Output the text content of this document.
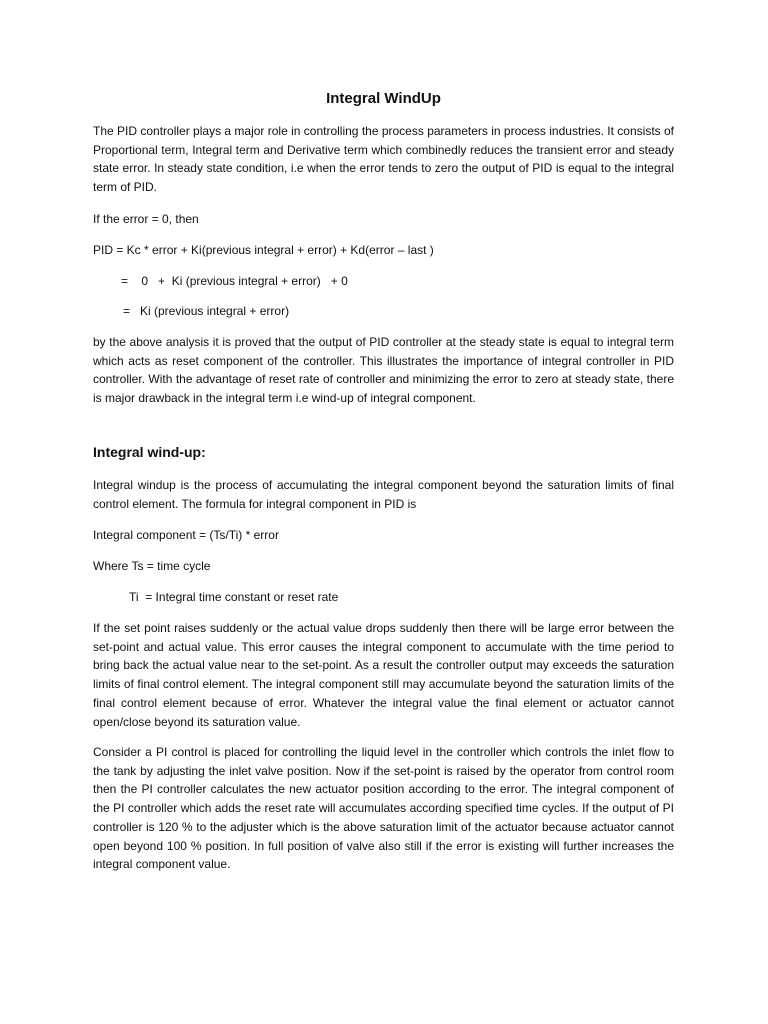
Integral WindUp

The PID controller plays a major role in controlling the process parameters in process industries. It consists of Proportional term, Integral term and Derivative term which combinedly reduces the transient error and steady state error. In steady state condition, i.e when the error tends to zero the output of PID is equal to the integral term of PID.

If the error = 0, then

PID = Kc * error + Ki(previous integral + error) + Kd(error – last )

=    0   +  Ki (previous integral + error)   + 0

=   Ki (previous integral + error)

by the above analysis it is proved that the output of PID controller at the steady state is equal to integral term which acts as reset component of the controller. This illustrates the importance of integral controller in PID controller. With the advantage of reset rate of controller and minimizing the error to zero at steady state, there is major drawback in the integral term i.e wind-up of integral component.

Integral wind-up:

Integral windup is the process of accumulating the integral component beyond the saturation limits of final control element. The formula for integral component in PID is

Integral component = (Ts/Ti) * error

Where Ts = time cycle

Ti  = Integral time constant or reset rate

If the set point raises suddenly or the actual value drops suddenly then there will be large error between the set-point and actual value. This error causes the integral component to accumulate with the time period to bring back the actual value near to the set-point. As a result the controller output may exceeds the saturation limits of final control element. The integral component still may accumulate beyond the saturation limits of the final control element because of error. Whatever the integral value the final element or actuator cannot open/close beyond its saturation value.

Consider a PI control is placed for controlling the liquid level in the controller which controls the inlet flow to the tank by adjusting the inlet valve position. Now if the set-point is raised by the operator from control room then the PI controller calculates the new actuator position according to the error. The integral component of the PI controller which adds the reset rate will accumulates according specified time cycles. If the output of PI controller is 120 % to the adjuster which is the above saturation limit of the actuator because actuator cannot open beyond 100 % position. In full position of valve also still if the error is existing will further increases the integral component value.
